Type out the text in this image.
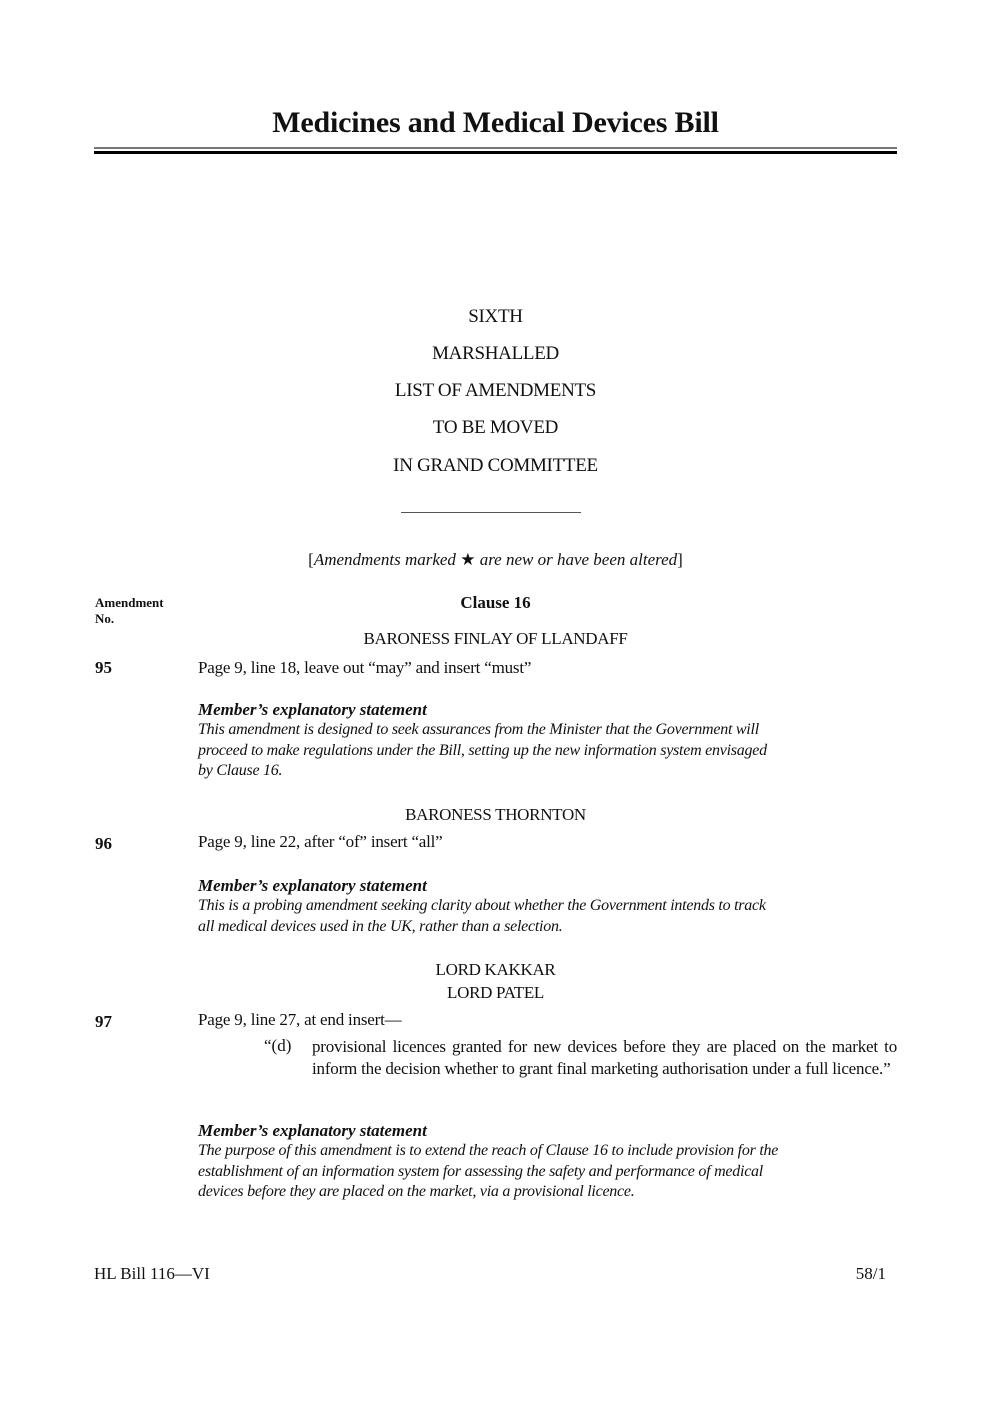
Medicines and Medical Devices Bill
SIXTH
MARSHALLED
LIST OF AMENDMENTS
TO BE MOVED
IN GRAND COMMITTEE
[Amendments marked ★ are new or have been altered]
Amendment
No.
Clause 16
BARONESS FINLAY OF LLANDAFF
95	Page 9, line 18, leave out “may” and insert “must”
Member’s explanatory statement
This amendment is designed to seek assurances from the Minister that the Government will
proceed to make regulations under the Bill, setting up the new information system envisaged
by Clause 16.
BARONESS THORNTON
96	Page 9, line 22, after “of” insert “all”
Member’s explanatory statement
This is a probing amendment seeking clarity about whether the Government intends to track
all medical devices used in the UK, rather than a selection.
LORD KAKKAR
LORD PATEL
97	Page 9, line 27, at end insert—
“(d) provisional licences granted for new devices before they are placed on the market to inform the decision whether to grant final marketing authorisation under a full licence.”
Member’s explanatory statement
The purpose of this amendment is to extend the reach of Clause 16 to include provision for the
establishment of an information system for assessing the safety and performance of medical
devices before they are placed on the market, via a provisional licence.
HL Bill 116—VI	58/1
